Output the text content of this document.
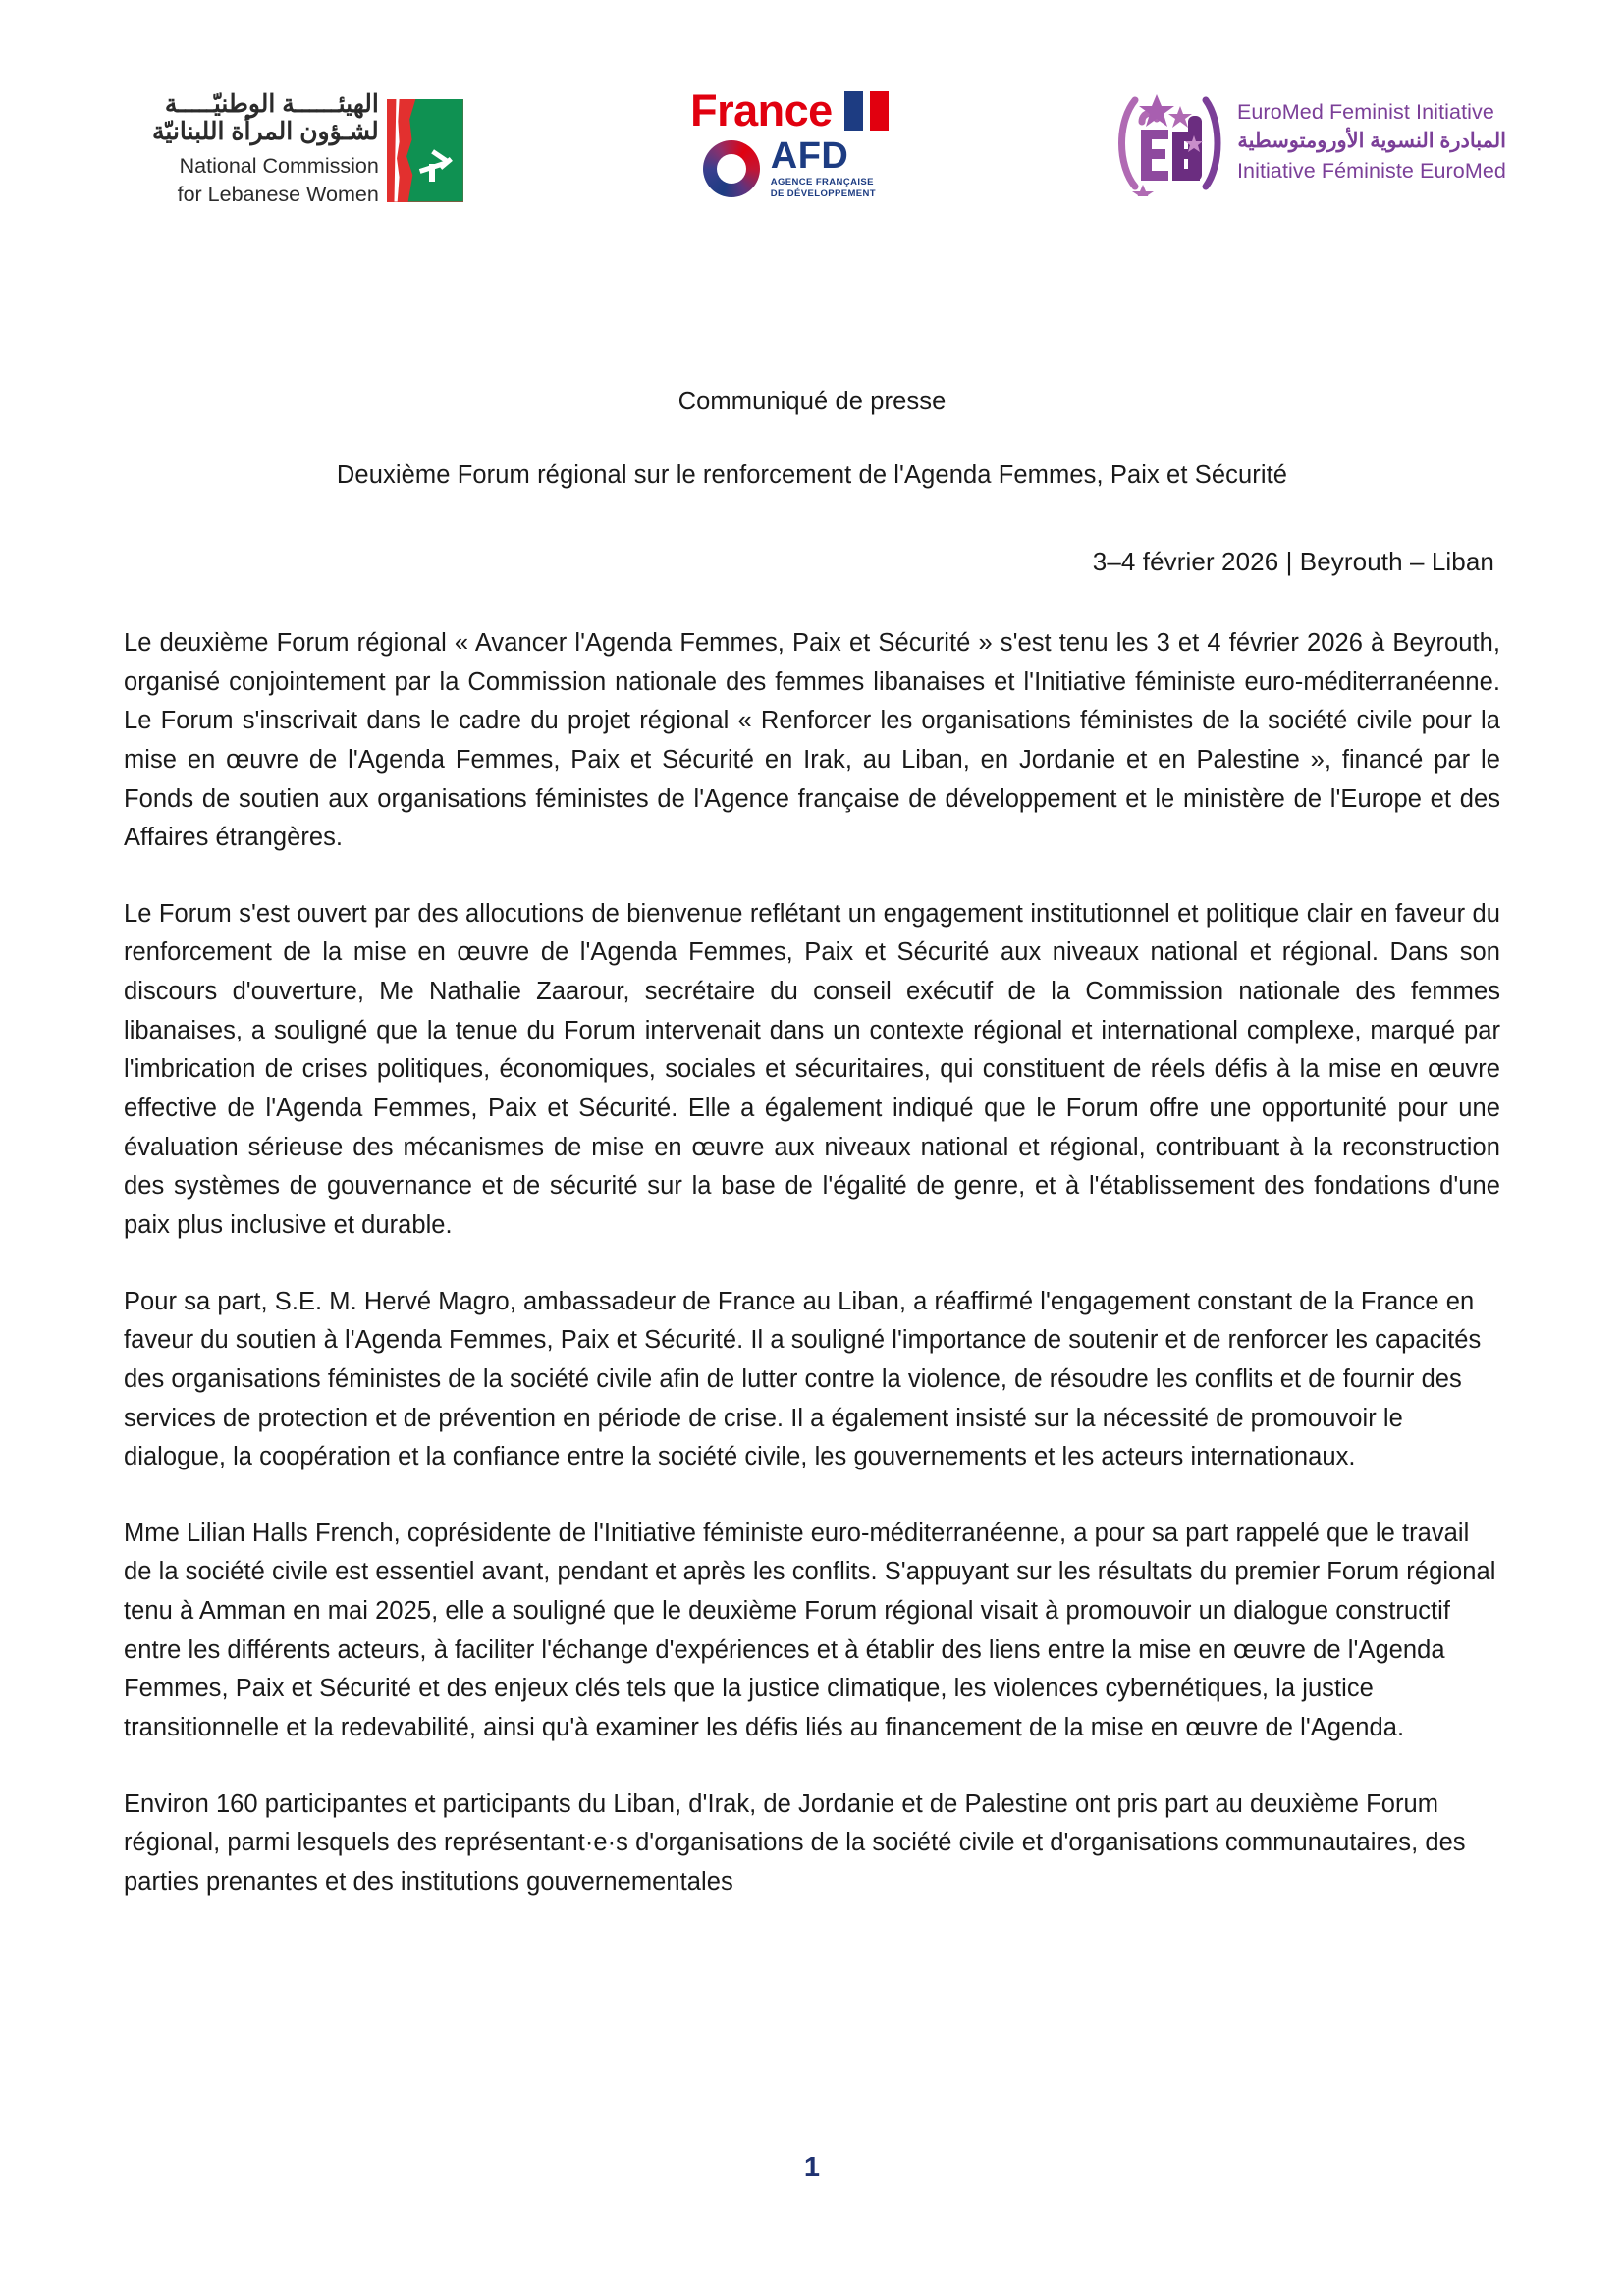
الهيئــــــة الوطنيّـــــة
لشـؤون المرأة اللبنانيّة
National Commission
for Lebanese Women
France
AFD
AGENCE FRANÇAISE
DE DÉVELOPPEMENT
EuroMed Feminist Initiative
المبادرة النسوية الأورومتوسطية
Initiative Féministe EuroMed
Communiqué de presse
Deuxième Forum régional sur le renforcement de l'Agenda Femmes, Paix et Sécurité
3–4 février 2026 | Beyrouth – Liban

Le deuxième Forum régional « Avancer l'Agenda Femmes, Paix et Sécurité » s'est tenu les 3 et 4 février 2026 à Beyrouth, organisé conjointement par la Commission nationale des femmes libanaises et l'Initiative féministe euro-méditerranéenne. Le Forum s'inscrivait dans le cadre du projet régional « Renforcer les organisations féministes de la société civile pour la mise en œuvre de l'Agenda Femmes, Paix et Sécurité en Irak, au Liban, en Jordanie et en Palestine », financé par le Fonds de soutien aux organisations féministes de l'Agence française de développement et le ministère de l'Europe et des Affaires étrangères.

Le Forum s'est ouvert par des allocutions de bienvenue reflétant un engagement institutionnel et politique clair en faveur du renforcement de la mise en œuvre de l'Agenda Femmes, Paix et Sécurité aux niveaux national et régional. Dans son discours d'ouverture, Me Nathalie Zaarour, secrétaire du conseil exécutif de la Commission nationale des femmes libanaises, a souligné que la tenue du Forum intervenait dans un contexte régional et international complexe, marqué par l'imbrication de crises politiques, économiques, sociales et sécuritaires, qui constituent de réels défis à la mise en œuvre effective de l'Agenda Femmes, Paix et Sécurité. Elle a également indiqué que le Forum offre une opportunité pour une évaluation sérieuse des mécanismes de mise en œuvre aux niveaux national et régional, contribuant à la reconstruction des systèmes de gouvernance et de sécurité sur la base de l'égalité de genre, et à l'établissement des fondations d'une paix plus inclusive et durable.

Pour sa part, S.E. M. Hervé Magro, ambassadeur de France au Liban, a réaffirmé l'engagement constant de la France en faveur du soutien à l'Agenda Femmes, Paix et Sécurité. Il a souligné l'importance de soutenir et de renforcer les capacités des organisations féministes de la société civile afin de lutter contre la violence, de résoudre les conflits et de fournir des services de protection et de prévention en période de crise. Il a également insisté sur la nécessité de promouvoir le dialogue, la coopération et la confiance entre la société civile, les gouvernements et les acteurs internationaux.

Mme Lilian Halls French, coprésidente de l'Initiative féministe euro-méditerranéenne, a pour sa part rappelé que le travail de la société civile est essentiel avant, pendant et après les conflits. S'appuyant sur les résultats du premier Forum régional tenu à Amman en mai 2025, elle a souligné que le deuxième Forum régional visait à promouvoir un dialogue constructif entre les différents acteurs, à faciliter l'échange d'expériences et à établir des liens entre la mise en œuvre de l'Agenda Femmes, Paix et Sécurité et des enjeux clés tels que la justice climatique, les violences cybernétiques, la justice transitionnelle et la redevabilité, ainsi qu'à examiner les défis liés au financement de la mise en œuvre de l'Agenda.

Environ 160 participantes et participants du Liban, d'Irak, de Jordanie et de Palestine ont pris part au deuxième Forum régional, parmi lesquels des représentant·e·s d'organisations de la société civile et d'organisations communautaires, des parties prenantes et des institutions gouvernementales

1
